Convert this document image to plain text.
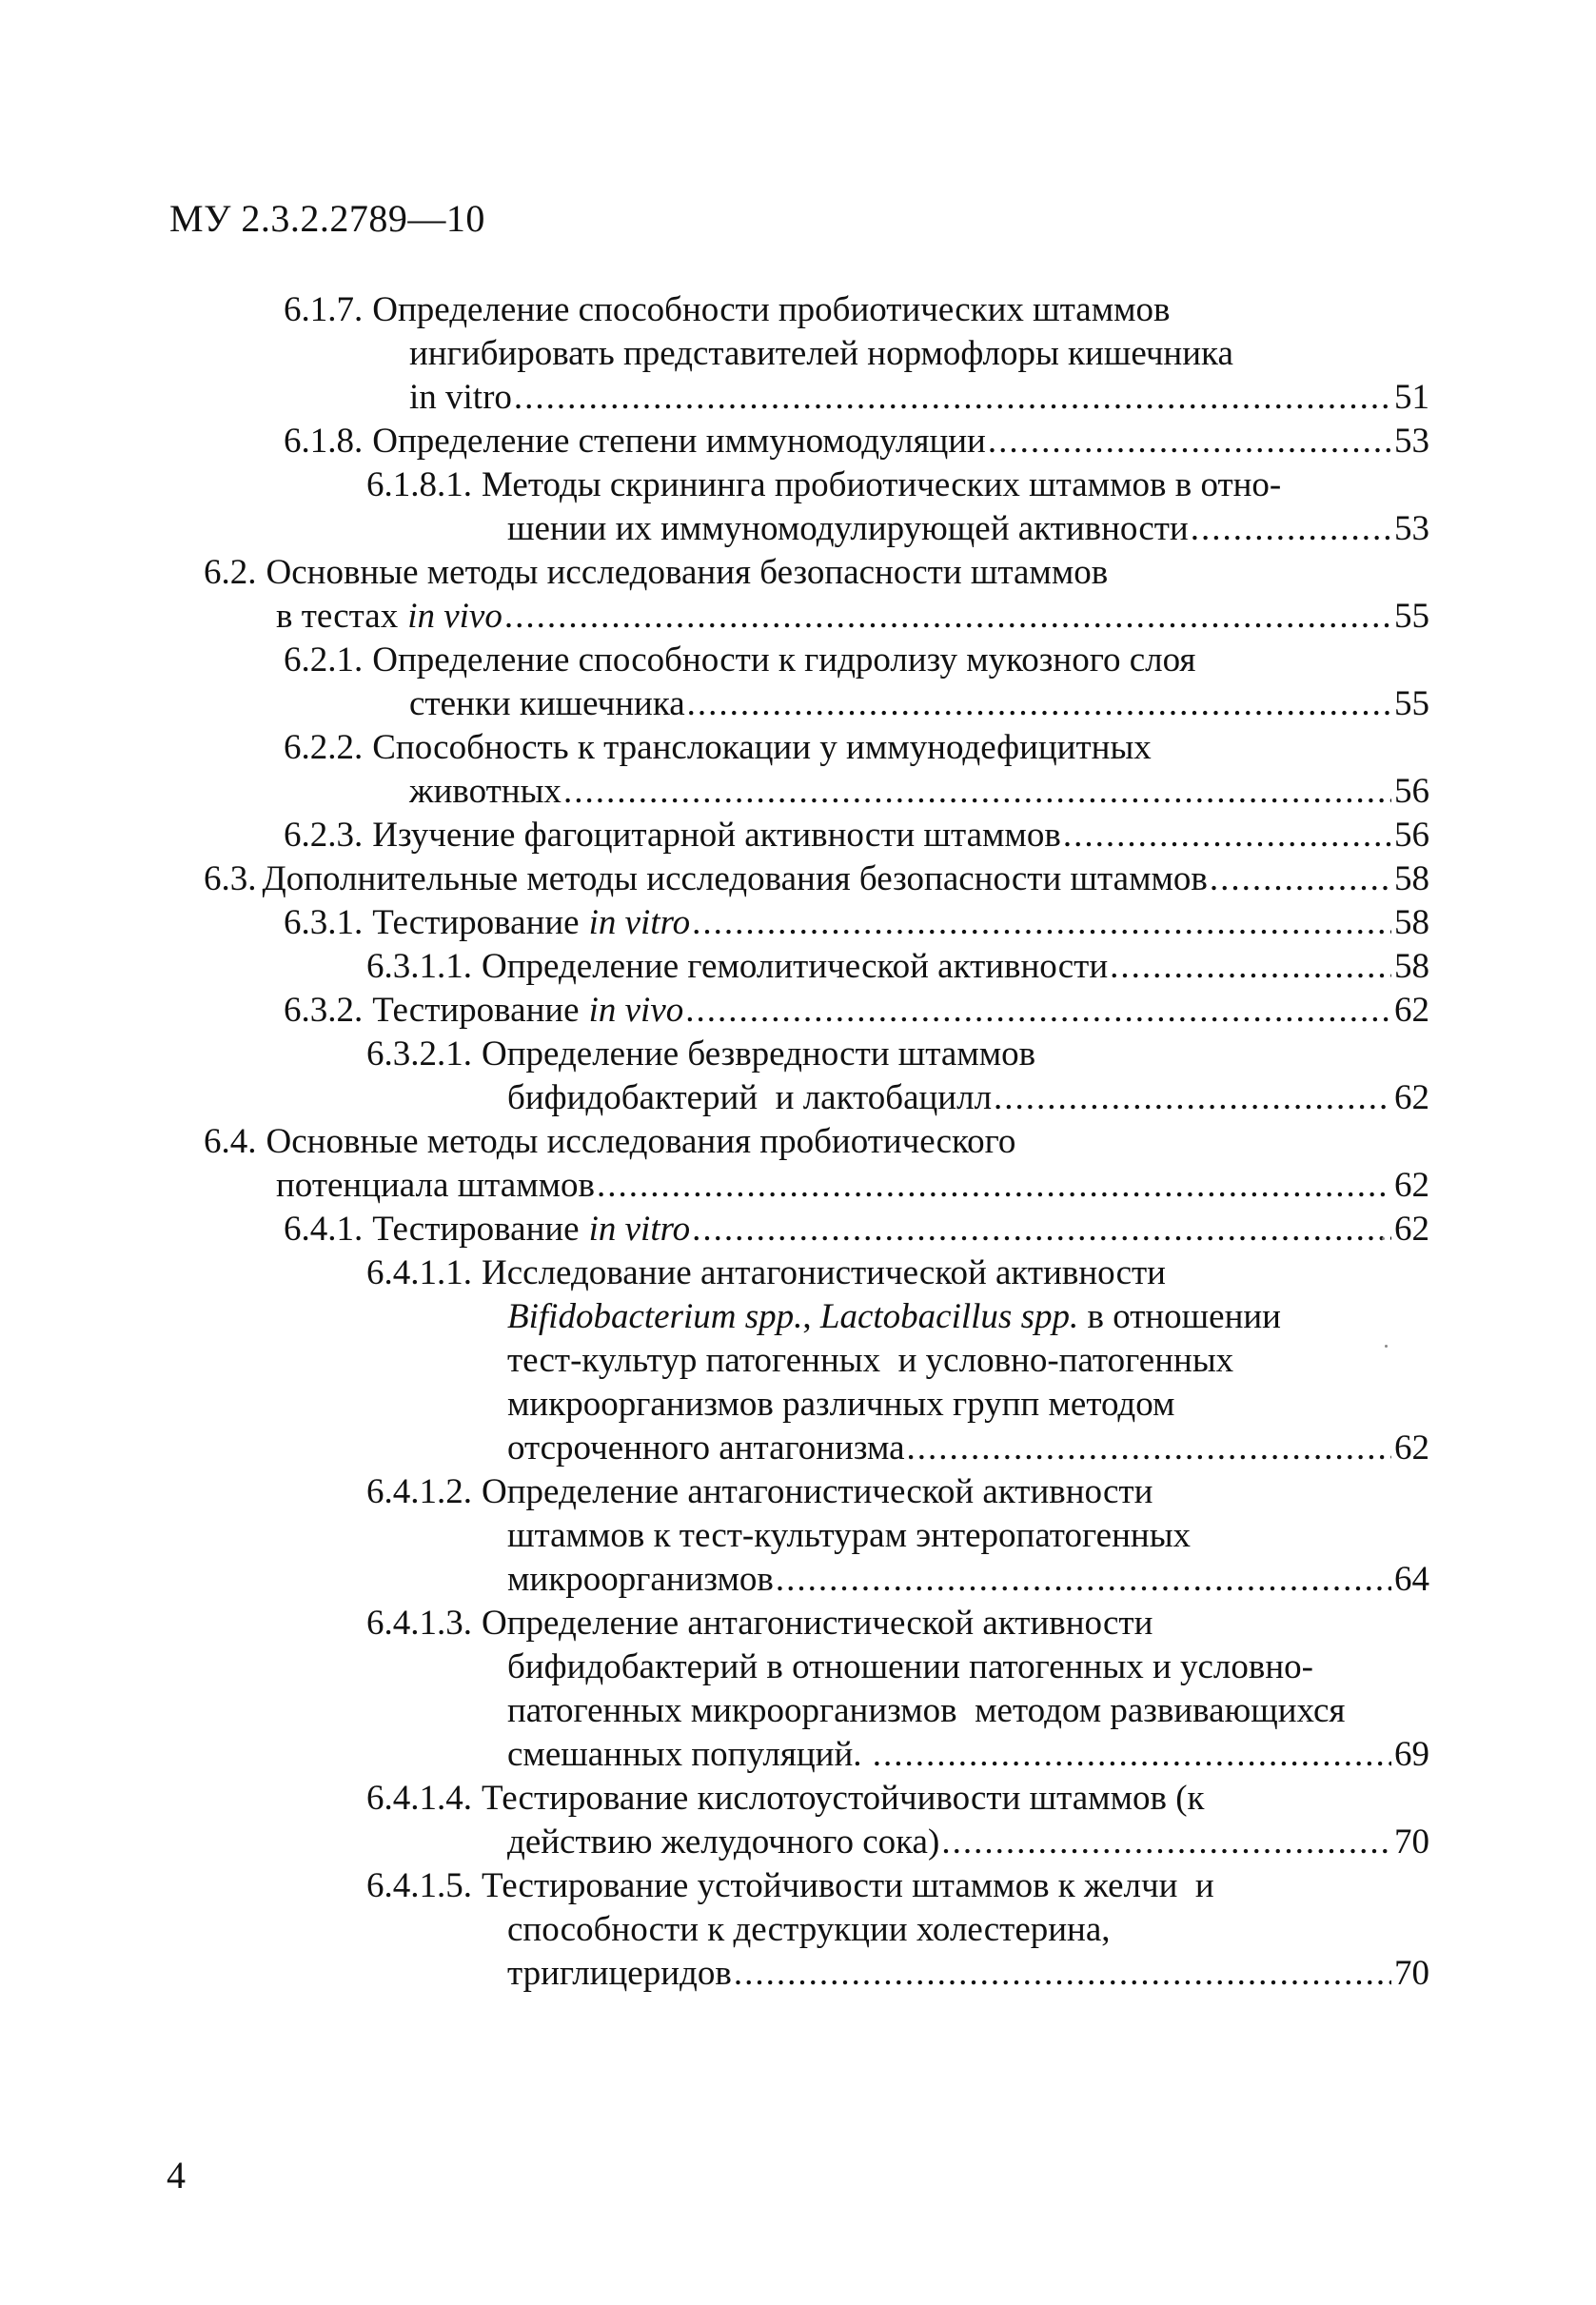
МУ 2.3.2.2789—10
6.1.7. Определение способности пробиотических штаммов
ингибировать представителей нормофлоры кишечника
in vitro .....	51
6.1.8. Определение степени иммуномодуляции .....	53
6.1.8.1. Методы скрининга пробиотических штаммов в отно-
шении их иммуномодулирующей активности .....	53
6.2. Основные методы исследования безопасности штаммов
в тестах in vivo .....	55
6.2.1. Определение способности к гидролизу мукозного слоя
стенки кишечника .....	55
6.2.2. Способность к транслокации у иммунодефицитных
животных .....	56
6.2.3. Изучение фагоцитарной активности штаммов .....	56
6.3. Дополнительные методы исследования безопасности штаммов .....	58
6.3.1. Тестирование in vitro .....	58
6.3.1.1. Определение гемолитической активности .....	58
6.3.2. Тестирование in vivo .....	62
6.3.2.1. Определение безвредности штаммов
бифидобактерий  и лактобацилл .....	62
6.4. Основные методы исследования пробиотического
потенциала штаммов .....	62
6.4.1. Тестирование in vitro .....	62
6.4.1.1. Исследование антагонистической активности
Bifidobacterium spp. , Lactobacillus spp. в отношении
тест-культур патогенных  и условно-патогенных
микроорганизмов различных групп методом
отсроченного антагонизма .....	62
6.4.1.2. Определение антагонистической активности
штаммов к тест-культурам энтеропатогенных
микроорганизмов .....	64
6.4.1.3. Определение антагонистической активности
бифидобактерий в отношении патогенных и условно-
патогенных микроорганизмов  методом развивающихся
смешанных популяций. .....	69
6.4.1.4. Тестирование кислотоустойчивости штаммов (к
действию желудочного сока) .....	70
6.4.1.5. Тестирование устойчивости штаммов к желчи  и
способности к деструкции холестерина,
триглицеридов .....	70
4
